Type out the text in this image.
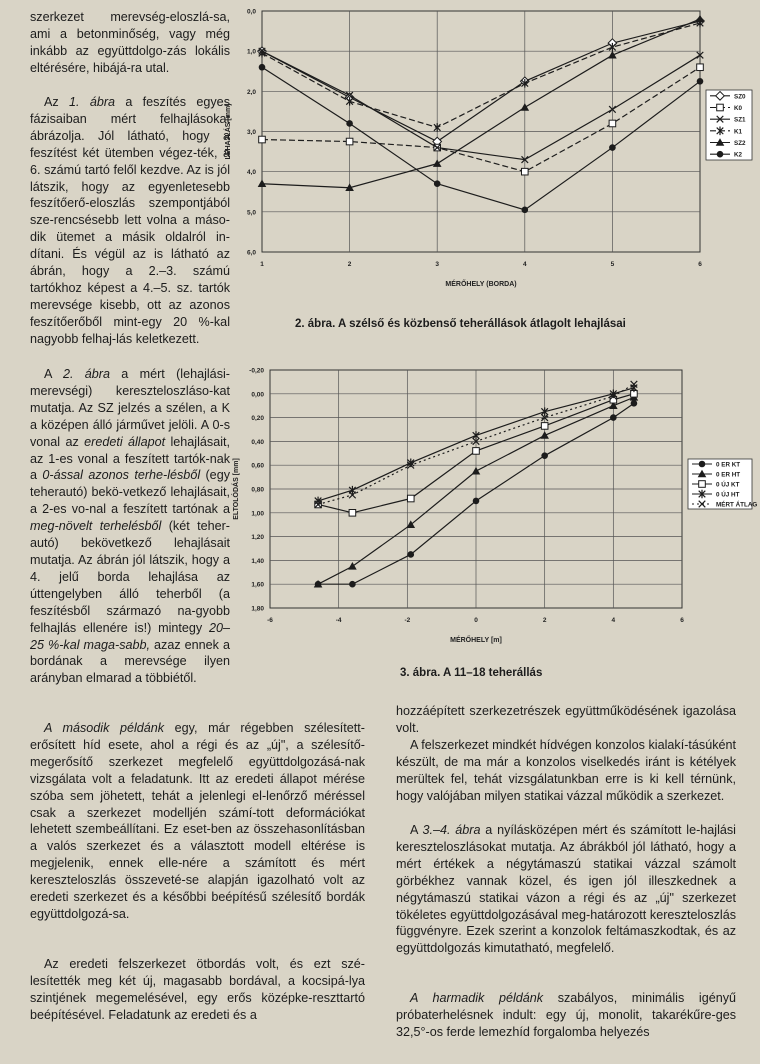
szerkezet merevség-eloszlá-sa, ami a betonminőség, vagy még inkább az együttdolgo-zás lokális eltérésére, hibájá-ra utal.

Az 1. ábra a feszítés egyes fázisaiban mért felhajlásokat ábrázolja. Jól látható, hogy a feszítést két ütemben végez-ték, a 6. számú tartó felől kezdve. Az is jól látszik, hogy az egyenletesebb feszítőerő-eloszlás szempontjából sze-rencsésebb lett volna a máso-dik ütemet a másik oldalról in-dítani. És végül az is látható az ábrán, hogy a 2.–3. számú tartókhoz képest a 4.–5. sz. tartók merevsége kisebb, ott az azonos feszítőerőből mint-egy 20 %-kal nagyobb felhaj-lás keletkezett.

A 2. ábra a mért (lehajlási-merevségi) kereszteloszláso-kat mutatja. Az SZ jelzés a szélen, a K a középen álló járművet jelöli. A 0-s vonal az eredeti állapot lehajlásait, az 1-es vonal a feszített tartók-nak a 0-ással azonos terhe-lésből (egy teherautó) bekö-vetkező lehajlásait, a 2-es vo-nal a feszített tartónak a meg-növelt terhelésből (két teher-autó) bekövetkező lehajlásait mutatja. Az ábrán jól látszik, hogy a 4. jelű borda lehajlása az úttengelyben álló teherből (a feszítésből származó na-gyobb felhajlás ellenére is!) mintegy 20–25 %-kal maga-sabb, azaz ennek a bordának a merevsége ilyen arányban elmarad a többiétől.

A második példánk egy, már régebben szélesített-erősített híd esete, ahol a régi és az „új", a szélesítő-megerősítő szerkezet megfelelő együttdolgozásá-nak vizsgálata volt a feladatunk. Itt az eredeti állapot mérése szóba sem jöhetett, tehát a jelenlegi el-lenőrző méréssel csak a szerkezet modelljén számí-tott deformációkat lehetett szembeállítani. Ez eset-ben az összehasonlításban a valós szerkezet és a választott modell eltérése is megjelenik, ennek elle-nére a számított és mért kereszteloszlás összeveté-se alapján igazolható volt az eredeti szerkezet és a későbbi beépítésű szélesítő bordák együttdolgozá-sa.

Az eredeti felszerkezet ötbordás volt, és ezt szé-lesítették meg két új, magasabb bordával, a kocsipá-lya szintjének megemelésével, egy erős középke-reszttartó beépítésével. Feladatunk az eredeti és a

hozzáépített szerkezetrészek együttműködésének igazolása volt.

A felszerkezet mindkét hídvégen konzolos kialakí-tásúként készült, de ma már a konzolos viselkedés iránt is kétélyek merültek fel, tehát vizsgálatunkban erre is ki kell térnünk, hogy valójában milyen statikai vázzal működik a szerkezet.

A 3.–4. ábra a nyílásközépen mért és számított le-hajlási kereszteloszlásokat mutatja. Az ábrákból jól látható, hogy a mért értékek a négytámaszú statikai vázzal számolt görbékhez vannak közel, és igen jól illeszkednek a négytámaszú statikai vázon a régi és az „új" szerkezet tökéletes együttdolgozásával meg-határozott kereszteloszlás függvényre. Ezek szerint a konzolok feltámaszkodtak, és az együttdolgozás kimutatható, megfelelő.

A harmadik példánk szabályos, minimális igényű próbaterhelésnek indult: egy új, monolit, takarékűre-ges 32,5°-os ferde lemezhíd forgalomba helyezés

0,0
1,0
2,0
3,0
4,0
5,0
6,0
1	2	3	4	5	6
MÉRŐHELY (BORDA)
LEHAJLÁS [mm]
SZ0
K0
SZ1
K1
SZ2
K2
2. ábra. A szélső és közbenső teherállások átlagolt lehajlásai
-0,20
0,00
0,20
0,40
0,60
0,80
1,00
1,20
1,40
1,60
1,80
-6	-4	-2	0	2	4	6
MÉRŐHELY [m]
ELTOLÓDÁS [mm]	0 ER KT
0 ER HT
0 ÚJ KT
0 ÚJ HT
MÉRT ÁTLAG
3. ábra. A 11–18 teherállás
